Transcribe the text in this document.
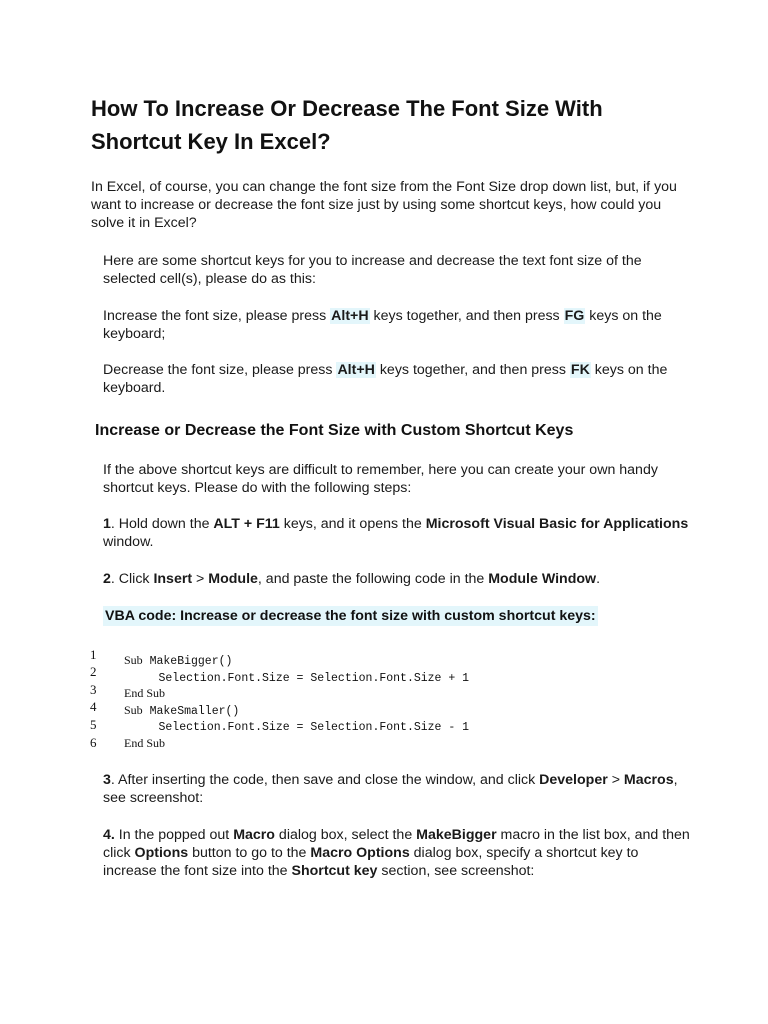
How To Increase Or Decrease The Font Size With Shortcut Key In Excel?

In Excel, of course, you can change the font size from the Font Size drop down list, but, if you want to increase or decrease the font size just by using some shortcut keys, how could you solve it in Excel?

Here are some shortcut keys for you to increase and decrease the text font size of the selected cell(s), please do as this:

Increase the font size, please press Alt+H keys together, and then press FG keys on the keyboard;

Decrease the font size, please press Alt+H keys together, and then press FK keys on the keyboard.

Increase or Decrease the Font Size with Custom Shortcut Keys

If the above shortcut keys are difficult to remember, here you can create your own handy shortcut keys. Please do with the following steps:

1. Hold down the ALT + F11 keys, and it opens the Microsoft Visual Basic for Applications window.

2. Click Insert > Module, and paste the following code in the Module Window.

VBA code: Increase or decrease the font size with custom shortcut keys:
1
2
3
4
5
6
Sub MakeBigger()
Selection.Font.Size = Selection.Font.Size + 1
End Sub
Sub MakeSmaller()
Selection.Font.Size = Selection.Font.Size - 1
End Sub

3. After inserting the code, then save and close the window, and click Developer > Macros, see screenshot:

4. In the popped out Macro dialog box, select the MakeBigger macro in the list box, and then click Options button to go to the Macro Options dialog box, specify a shortcut key to increase the font size into the Shortcut key section, see screenshot:
